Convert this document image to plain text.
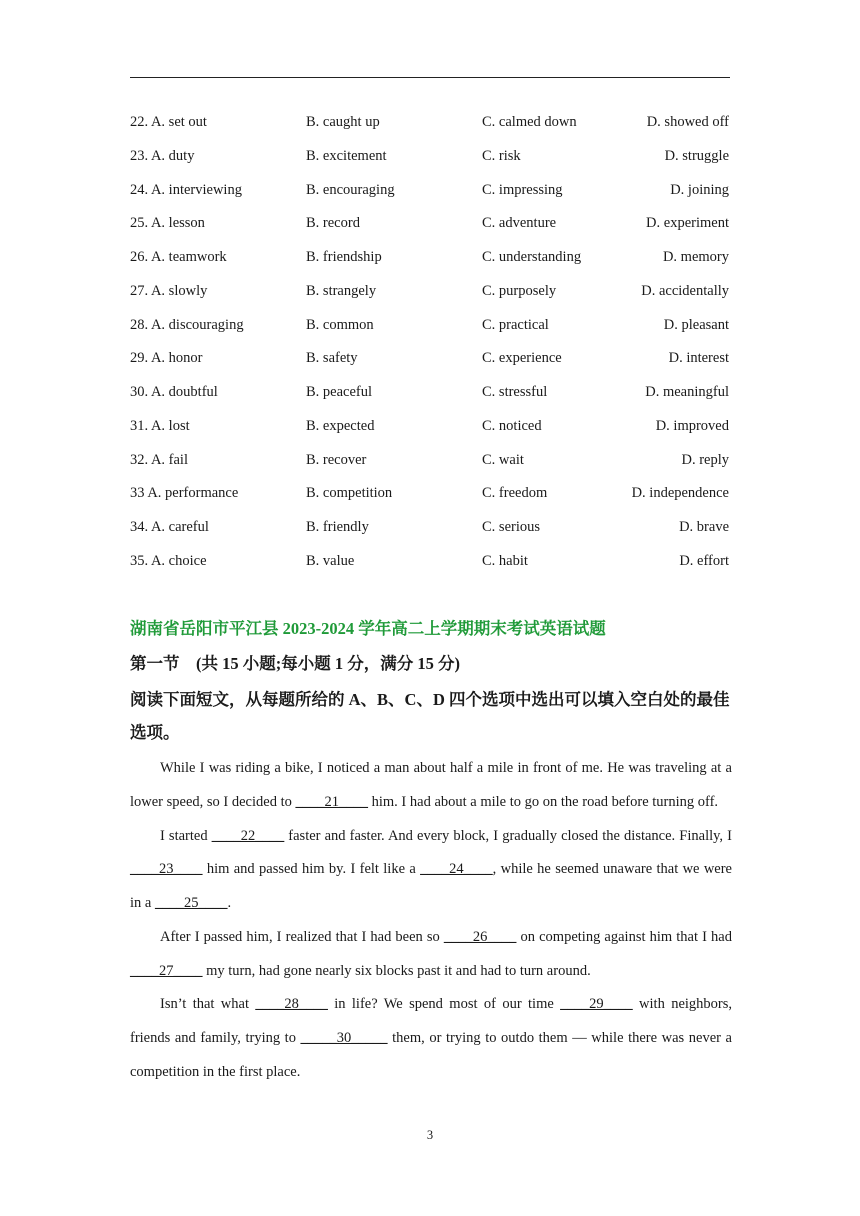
22. A. set out	B. caught up	C. calmed down	D. showed off
23. A. duty	B. excitement	C. risk	D. struggle
24. A. interviewing	B. encouraging	C. impressing	D. joining
25. A. lesson	B. record	C. adventure	D. experiment
26. A. teamwork	B. friendship	C. understanding	D. memory
27. A. slowly	B. strangely	C. purposely	D. accidentally
28. A. discouraging	B. common	C. practical	D. pleasant
29. A. honor	B. safety	C. experience	D. interest
30. A. doubtful	B. peaceful	C. stressful	D. meaningful
31. A. lost	B. expected	C. noticed	D. improved
32. A. fail	B. recover	C. wait	D. reply
33 A. performance	B. competition	C. freedom	D. independence
34. A. careful	B. friendly	C. serious	D. brave
35. A. choice	B. value	C. habit	D. effort
湖南省岳阳市平江县 2023-2024 学年高二上学期期末考试英语试题
第一节　(共 15 小题;每小题 1 分，满分 15 分)
阅读下面短文，从每题所给的 A、B、C、D 四个选项中选出可以填入空白处的最佳选项。

While I was riding a bike, I noticed a man about half a mile in front of me. He was traveling at a lower speed, so I decided to ____21____ him. I had about a mile to go on the road before turning off.

I started ____22____ faster and faster. And every block, I gradually closed the distance. Finally, I ____23____ him and passed him by. I felt like a ____24____, while he seemed unaware that we were in a ____25____.

After I passed him, I realized that I had been so ____26____ on competing against him that I had ____27____ my turn, had gone nearly six blocks past it and had to turn around.

Isn’t that what ____28____ in life? We spend most of our time ____29____ with neighbors, friends and family, trying to _____30_____ them, or trying to outdo them — while there was never a competition in the first place.

3
